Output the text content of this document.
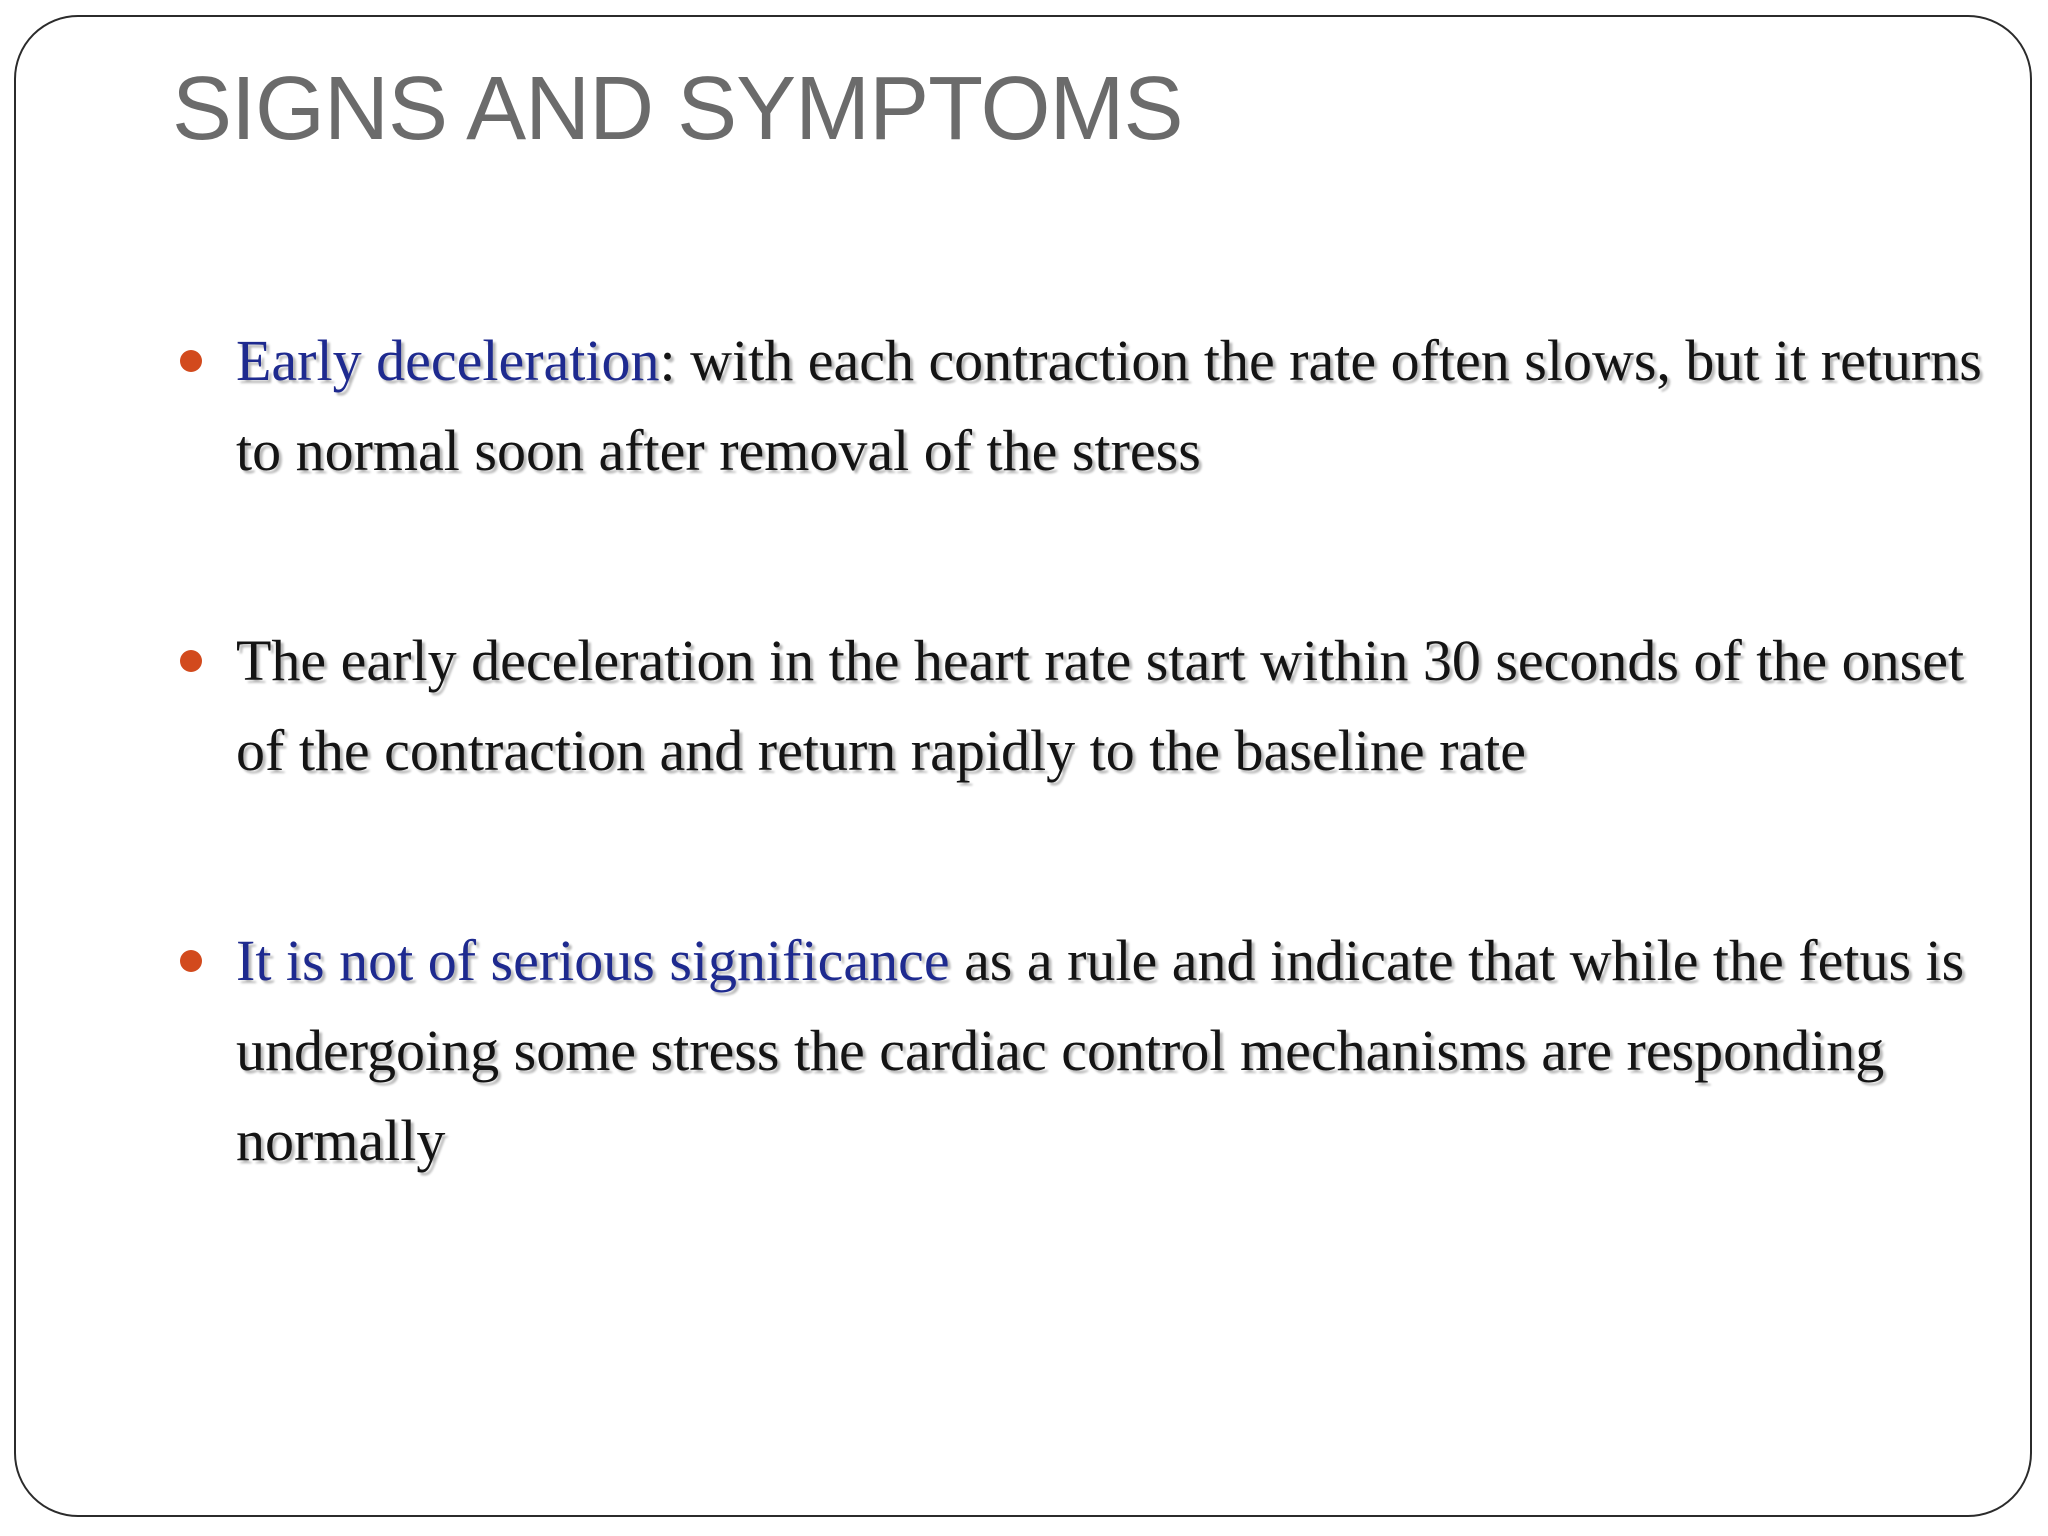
SIGNS AND SYMPTOMS
Early deceleration: with each contraction the rate often slows, but it returns to normal soon after removal of the stress
The early deceleration in the heart rate start within 30 seconds of the onset of the contraction and return rapidly to the baseline rate
It is not of serious significance as a rule and indicate that while the fetus is undergoing some stress the cardiac control mechanisms are responding normally
